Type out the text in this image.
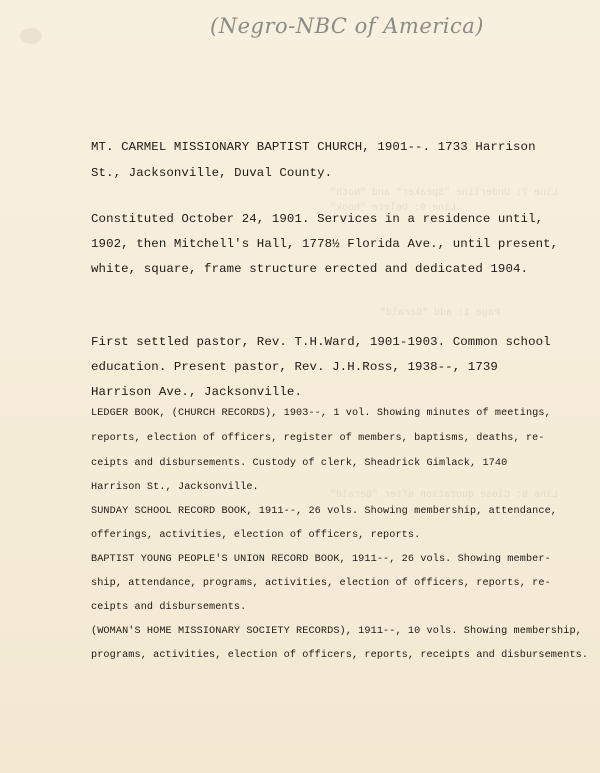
Line 7: Underline "Speaker" and "Noth"
Line 9: Delete "hook"
Page 1: add "Gerald"
Line 9: Close quotation after "Gerald"
(Negro-NBC of America)
MT. CARMEL MISSIONARY BAPTIST CHURCH, 1901--. 1733 Harrison
St., Jacksonville, Duval County.
Constituted October 24, 1901. Services in a residence until,
1902, then Mitchell's Hall, 1778½ Florida Ave., until present,
white, square, frame structure erected and dedicated 1904.
First settled pastor, Rev. T.H.Ward, 1901-1903. Common school
education. Present pastor, Rev. J.H.Ross, 1938--, 1739
Harrison Ave., Jacksonville.
LEDGER BOOK, (CHURCH RECORDS), 1903--, 1 vol. Showing minutes of meetings,
reports, election of officers, register of members, baptisms, deaths, re-
ceipts and disbursements. Custody of clerk, Sheadrick Gimlack, 1740
Harrison St., Jacksonville.
SUNDAY SCHOOL RECORD BOOK, 1911--, 26 vols. Showing membership, attendance,
offerings, activities, election of officers, reports.
BAPTIST YOUNG PEOPLE'S UNION RECORD BOOK, 1911--, 26 vols. Showing member-
ship, attendance, programs, activities, election of officers, reports, re-
ceipts and disbursements.
(WOMAN'S HOME MISSIONARY SOCIETY RECORDS), 1911--, 10 vols. Showing membership,
programs, activities, election of officers, reports, receipts and disbursements.
